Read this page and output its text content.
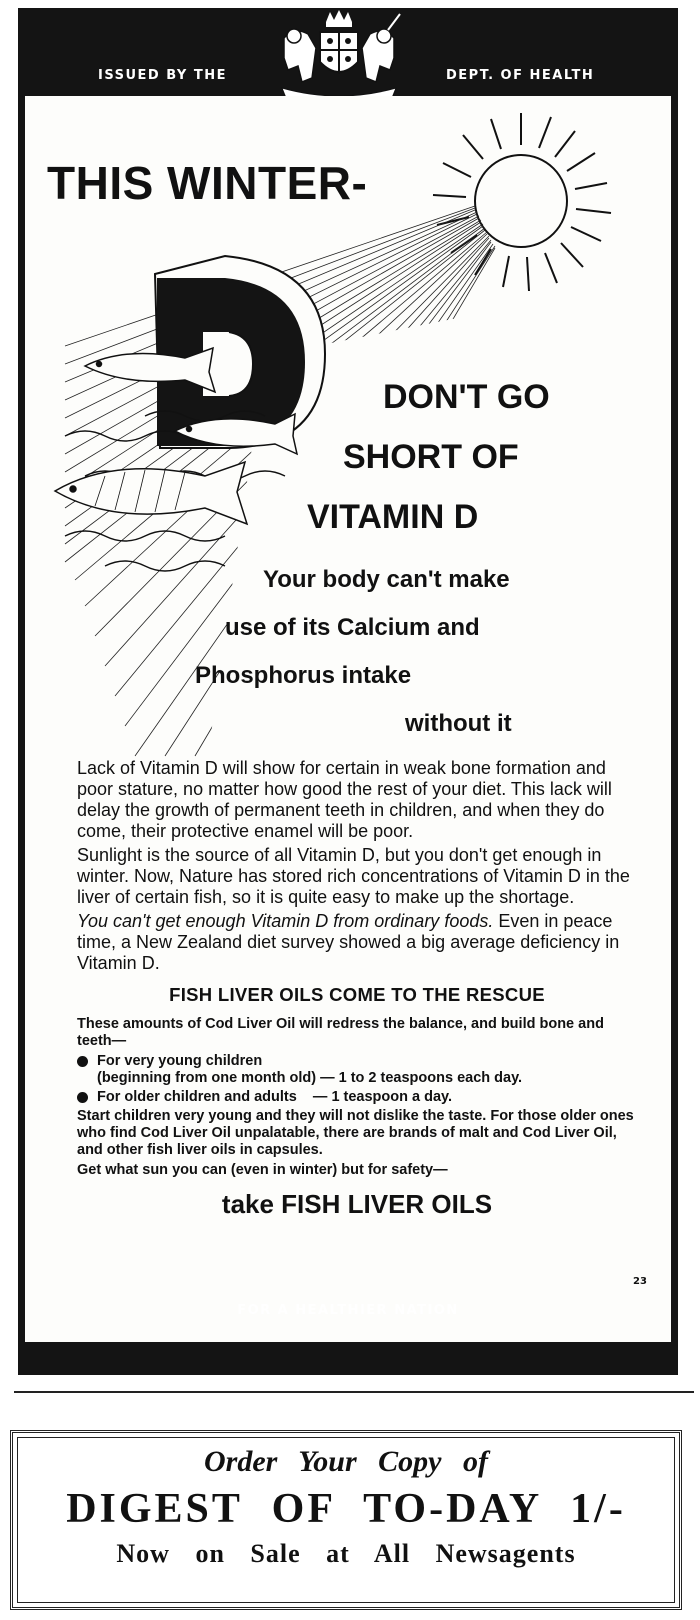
ISSUED BY THE	DEPT. OF HEALTH
THIS WINTER-
DON'T GO
SHORT OF
VITAMIN D
Your body can't make
use of its Calcium and
Phosphorus intake
without it

Lack of Vitamin D will show for certain in weak bone formation and poor stature, no matter how good the rest of your diet. This lack will delay the growth of permanent teeth in children, and when they do come, their protective enamel will be poor.

Sunlight is the source of all Vitamin D, but you don't get enough in winter. Now, Nature has stored rich concentrations of Vitamin D in the liver of certain fish, so it is quite easy to make up the shortage.

You can't get enough Vitamin D from ordinary foods. Even in peace time, a New Zealand diet survey showed a big average deficiency in Vitamin D.

FISH LIVER OILS COME TO THE RESCUE

These amounts of Cod Liver Oil will redress the balance, and build bone and teeth—

For very young children
(beginning from one month old) — 1 to 2 teaspoons each day.
For older children and adults    — 1 teaspoon a day.

Start children very young and they will not dislike the taste. For those older ones who find Cod Liver Oil unpalatable, there are brands of malt and Cod Liver Oil, and other fish liver oils in capsules.

Get what sun you can (even in winter) but for safety—

take FISH LIVER OILS
23
FOR A HEALTHIER NATION
Order Your Copy of
DIGEST OF TO-DAY 1/-
Now on Sale at All Newsagents
